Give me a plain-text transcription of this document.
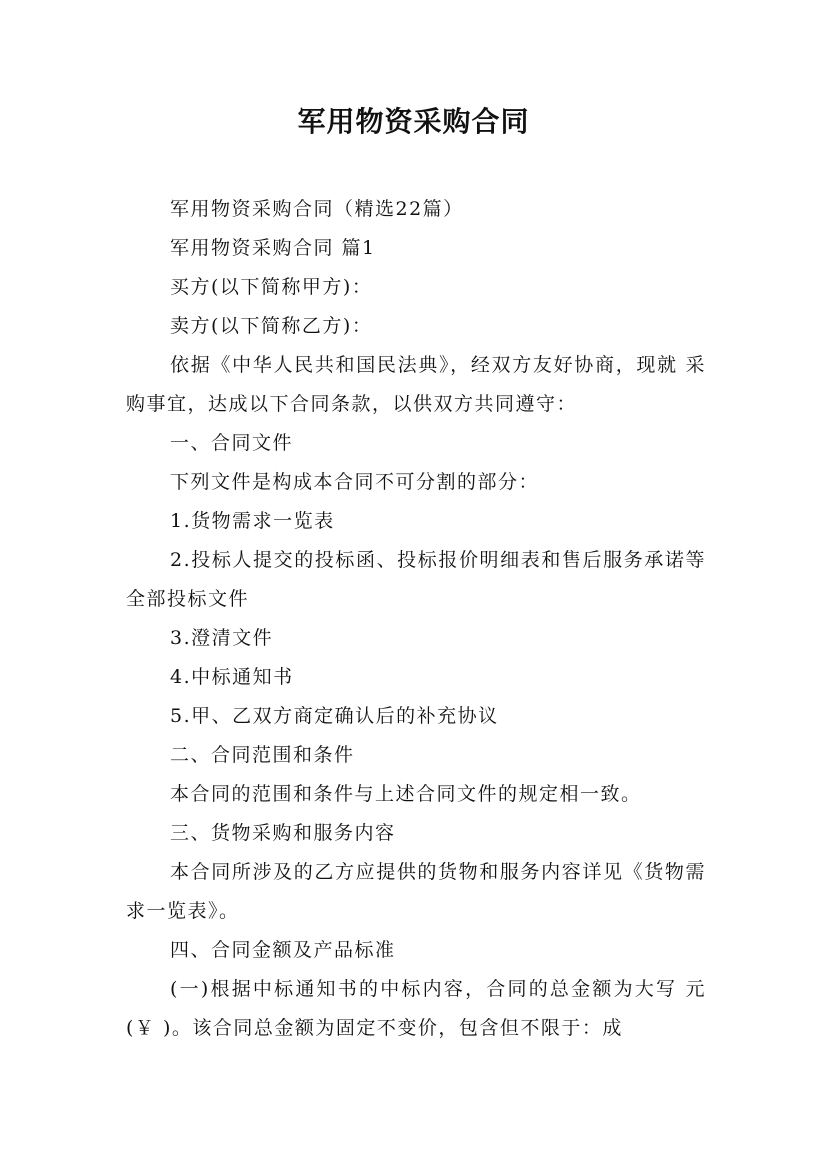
军用物资采购合同

军用物资采购合同（精选22篇）

军用物资采购合同 篇1

买方(以下简称甲方)：

卖方(以下简称乙方)：

依据《中华人民共和国民法典》，经双方友好协商，现就 采购事宜，达成以下合同条款，以供双方共同遵守：

一、合同文件

下列文件是构成本合同不可分割的部分：

1.货物需求一览表

2.投标人提交的投标函、投标报价明细表和售后服务承诺等全部投标文件

3.澄清文件

4.中标通知书

5.甲、乙双方商定确认后的补充协议

二、合同范围和条件

本合同的范围和条件与上述合同文件的规定相一致。

三、货物采购和服务内容

本合同所涉及的乙方应提供的货物和服务内容详见《货物需求一览表》。

四、合同金额及产品标准

(一)根据中标通知书的中标内容，合同的总金额为大写 元(￥ )。该合同总金额为固定不变价，包含但不限于：成
